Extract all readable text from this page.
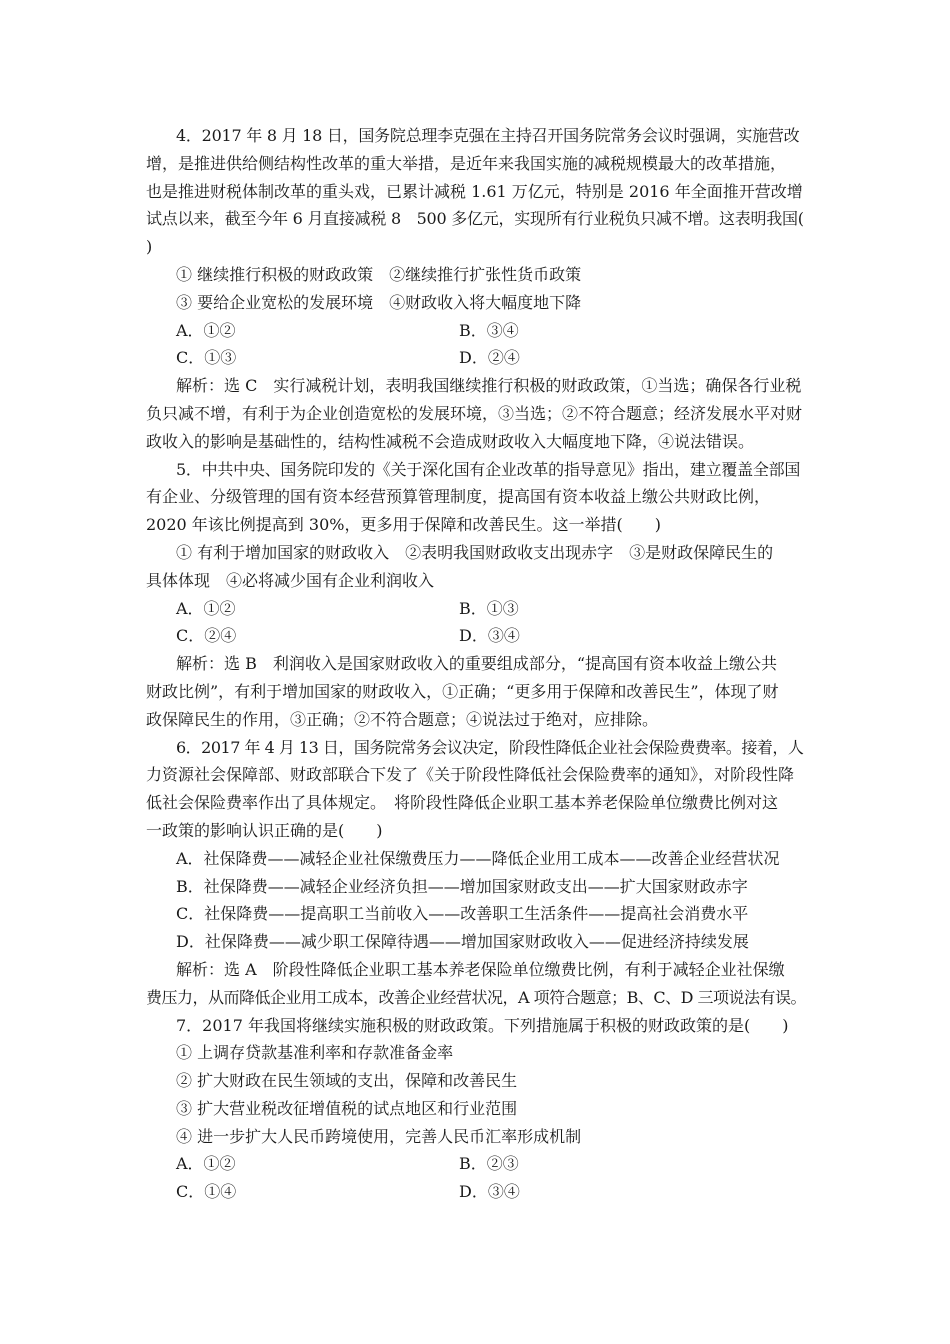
4．2017 年 8 月 18 日，国务院总理李克强在主持召开国务院常务会议时强调，实施营改
增，是推进供给侧结构性改革的重大举措，是近年来我国实施的减税规模最大的改革措施，
也是推进财税体制改革的重头戏，已累计减税 1.61 万亿元，特别是 2016 年全面推开营改增
试点以来，截至今年 6 月直接减税 8　500 多亿元，实现所有行业税负只减不增。这表明我国(
)
① 继续推行积极的财政政策　②继续推行扩张性货币政策
③ 要给企业宽松的发展环境　④财政收入将大幅度地下降
A．①②	B．③④
C．①③	D．②④
解析：选 C　实行减税计划，表明我国继续推行积极的财政政策，①当选；确保各行业税
负只减不增，有利于为企业创造宽松的发展环境，③当选；②不符合题意；经济发展水平对财
政收入的影响是基础性的，结构性减税不会造成财政收入大幅度地下降，④说法错误。
5．中共中央、国务院印发的《关于深化国有企业改革的指导意见》指出，建立覆盖全部国
有企业、分级管理的国有资本经营预算管理制度，提高国有资本收益上缴公共财政比例，
2020 年该比例提高到 30%，更多用于保障和改善民生。这一举措(　　)
① 有利于增加国家的财政收入　②表明我国财政收支出现赤字　③是财政保障民生的
具体体现　④必将减少国有企业利润收入
A．①②	B．①③
C．②④	D．③④
解析：选 B　利润收入是国家财政收入的重要组成部分，“提高国有资本收益上缴公共
财政比例”，有利于增加国家的财政收入，①正确；“更多用于保障和改善民生”，体现了财
政保障民生的作用，③正确；②不符合题意；④说法过于绝对，应排除。
6．2017 年 4 月 13 日，国务院常务会议决定，阶段性降低企业社会保险费费率。接着，人
力资源社会保障部、财政部联合下发了《关于阶段性降低社会保险费率的通知》，对阶段性降
低社会保险费率作出了具体规定。　将阶段性降低企业职工基本养老保险单位缴费比例对这
一政策的影响认识正确的是(　　)
A．社保降费——减轻企业社保缴费压力——降低企业用工成本——改善企业经营状况
B．社保降费——减轻企业经济负担——增加国家财政支出——扩大国家财政赤字
C．社保降费——提高职工当前收入——改善职工生活条件——提高社会消费水平
D．社保降费——减少职工保障待遇——增加国家财政收入——促进经济持续发展
解析：选 A　阶段性降低企业职工基本养老保险单位缴费比例，有利于减轻企业社保缴
费压力，从而降低企业用工成本，改善企业经营状况，A 项符合题意；B、C、D 三项说法有误。
7．2017 年我国将继续实施积极的财政政策。下列措施属于积极的财政政策的是(　　)
① 上调存贷款基准利率和存款准备金率
② 扩大财政在民生领域的支出，保障和改善民生
③ 扩大营业税改征增值税的试点地区和行业范围
④ 进一步扩大人民币跨境使用，完善人民币汇率形成机制
A．①②	B．②③
C．①④	D．③④
